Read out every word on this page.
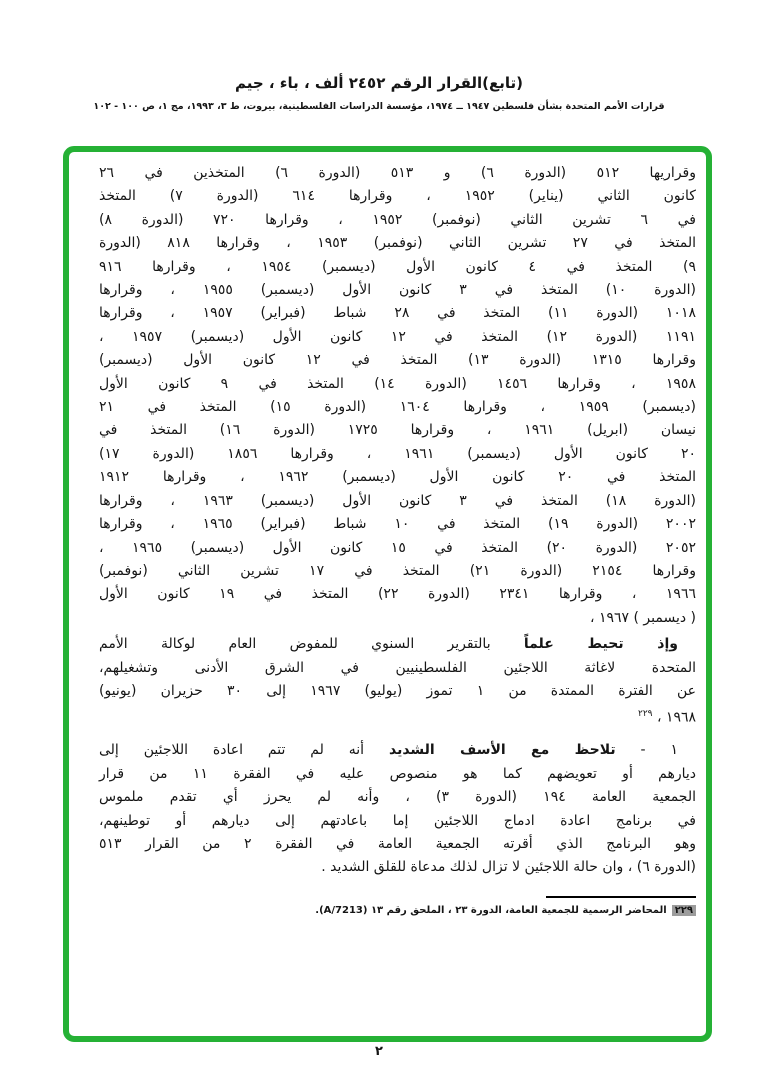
(تابع)القرار الرقم ٢٤٥٢ ألف ، باء ، جيم
قرارات الأمم المتحدة بشأن فلسطين ١٩٤٧ ــ ١٩٧٤، مؤسسة الدراسات الفلسطينية، بيروت، ط ٣، ١٩٩٣، مج ١، ص ١٠٠ - ١٠٢
وقراريها ٥١٢ (الدورة ٦) و ٥١٣ (الدورة ٦) المتخذين في ٢٦
كانون الثاني (يناير) ١٩٥٢ ، وقرارها ٦١٤ (الدورة ٧) المتخذ
في ٦ تشرين الثاني (نوفمبر) ١٩٥٢ ، وقرارها ٧٢٠ (الدورة ٨)
المتخذ في ٢٧ تشرين الثاني (نوفمبر) ١٩٥٣ ، وقرارها ٨١٨ (الدورة
٩) المتخذ في ٤ كانون الأول (ديسمبر) ١٩٥٤ ، وقرارها ٩١٦
(الدورة ١٠) المتخذ في ٣ كانون الأول (ديسمبر) ١٩٥٥ ، وقرارها
١٠١٨ (الدورة ١١) المتخذ في ٢٨ شباط (فبراير) ١٩٥٧ ، وقرارها
١١٩١ (الدورة ١٢) المتخذ في ١٢ كانون الأول (ديسمبر) ١٩٥٧ ،
وقرارها ١٣١٥ (الدورة ١٣) المتخذ في ١٢ كانون الأول (ديسمبر)
١٩٥٨ ، وقرارها ١٤٥٦ (الدورة ١٤) المتخذ في ٩ كانون الأول
(ديسمبر) ١٩٥٩ ، وقرارها ١٦٠٤ (الدورة ١٥) المتخذ في ٢١
نيسان (ابريل) ١٩٦١ ، وقرارها ١٧٢٥ (الدورة ١٦) المتخذ في
٢٠ كانون الأول (ديسمبر) ١٩٦١ ، وقرارها ١٨٥٦ (الدورة ١٧)
المتخذ في ٢٠ كانون الأول (ديسمبر) ١٩٦٢ ، وقرارها ١٩١٢
(الدورة ١٨) المتخذ في ٣ كانون الأول (ديسمبر) ١٩٦٣ ، وقرارها
٢٠٠٢ (الدورة ١٩) المتخذ في ١٠ شباط (فبراير) ١٩٦٥ ، وقرارها
٢٠٥٢ (الدورة ٢٠) المتخذ في ١٥ كانون الأول (ديسمبر) ١٩٦٥ ،
وقرارها ٢١٥٤ (الدورة ٢١) المتخذ في ١٧ تشرين الثاني (نوفمبر)
١٩٦٦ ، وقرارها ٢٣٤١ (الدورة ٢٢) المتخذ في ١٩ كانون الأول
( ديسمبر ) ١٩٦٧ ،
وإذ تحيط علماً بالتقرير السنوي للمفوض العام لوكالة الأمم
المتحدة لاغاثة اللاجئين الفلسطينيين في الشرق الأدنى وتشغيلهم،
عن الفترة الممتدة من ١ تموز (يوليو) ١٩٦٧ إلى ٣٠ حزيران (يونيو)
١٩٦٨ ، $^{٢٢٩}$
١ - تلاحظ مع الأسف الشديد أنه لم تتم اعادة اللاجئين إلى
ديارهم أو تعويضهم كما هو منصوص عليه في الفقرة ١١ من قرار
الجمعية العامة ١٩٤ (الدورة ٣) ، وأنه لم يحرز أي تقدم ملموس
في برنامج اعادة ادماج اللاجئين إما باعادتهم إلى ديارهم أو توطينهم،
وهو البرنامج الذي أقرته الجمعية العامة في الفقرة ٢ من القرار ٥١٣
(الدورة ٦) ، وان حالة اللاجئين لا تزال لذلك مدعاة للقلق الشديد .
٢٢٩المحاضر الرسمية للجمعية العامة، الدورة ٢٣ ، الملحق رقم ١٣ (A/7213).
٢
